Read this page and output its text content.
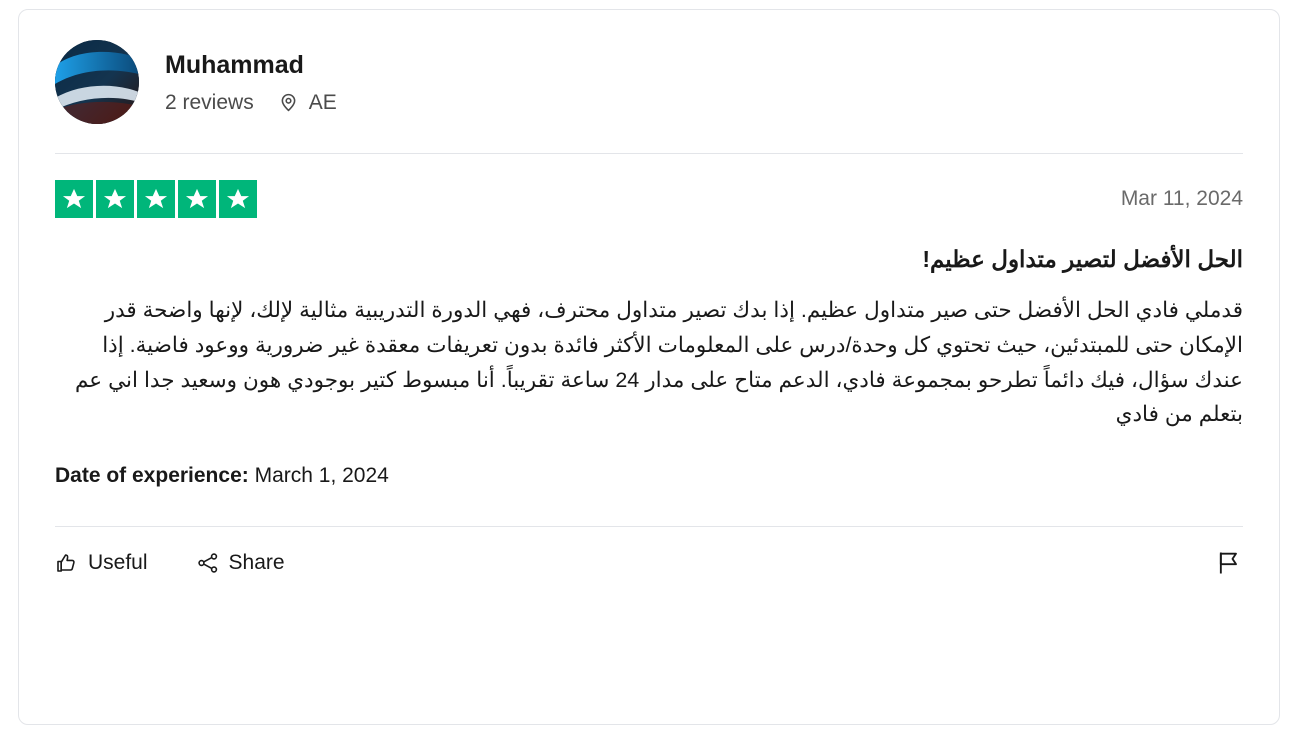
Muhammad
2 reviews	AE
Mar 11, 2024
الحل الأفضل لتصير متداول عظيم!
قدملي فادي الحل الأفضل حتى صير متداول عظيم. إذا بدك تصير متداول محترف، فهي الدورة التدريبية مثالية لإلك، لإنها واضحة قدر الإمكان حتى للمبتدئين، حيث تحتوي كل وحدة/درس على المعلومات الأكثر فائدة بدون تعريفات معقدة غير ضرورية ووعود فاضية. إذا عندك سؤال، فيك دائماً تطرحو بمجموعة فادي، الدعم متاح على مدار 24 ساعة تقريباً. أنا مبسوط كتير بوجودي هون وسعيد جدا اني عم بتعلم من فادي
Date of experience: March 1, 2024
Useful	Share
